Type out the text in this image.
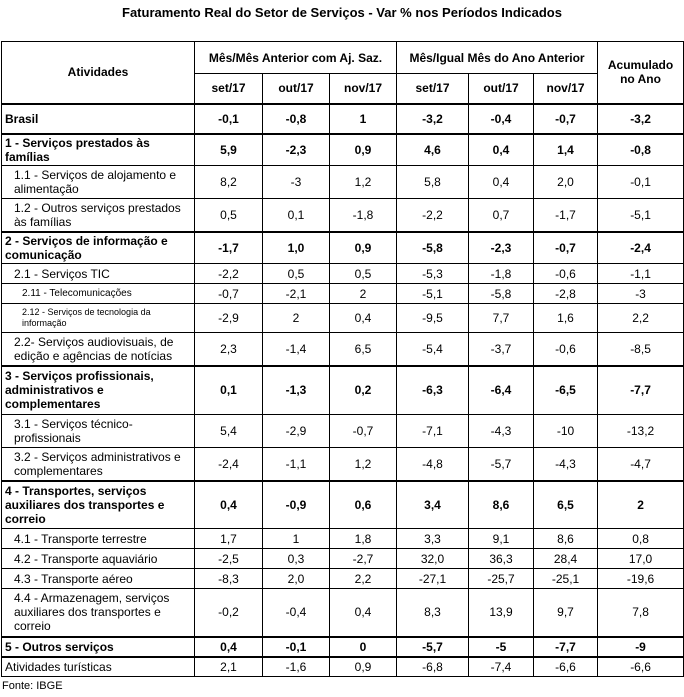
Faturamento Real do Setor de Serviços - Var % nos Períodos Indicados
Atividades	Mês/Mês Anterior com Aj. Saz.			Mês/Igual Mês do Ano Anterior			Acumulado no Ano
	set/17	out/17	nov/17	set/17	out/17	nov/17	
Brasil	-0,1	-0,8	1	-3,2	-0,4	-0,7	-3,2
1 - Serviços prestados às famílias	5,9	-2,3	0,9	4,6	0,4	1,4	-0,8
1.1 - Serviços de alojamento e alimentação	8,2	-3	1,2	5,8	0,4	2,0	-0,1
1.2 - Outros serviços prestados às famílias	0,5	0,1	-1,8	-2,2	0,7	-1,7	-5,1
2 - Serviços de informação e comunicação	-1,7	1,0	0,9	-5,8	-2,3	-0,7	-2,4
2.1 - Serviços TIC	-2,2	0,5	0,5	-5,3	-1,8	-0,6	-1,1
2.11 - Telecomunicações	-0,7	-2,1	2	-5,1	-5,8	-2,8	-3
2.12 - Serviços de tecnologia da informação	-2,9	2	0,4	-9,5	7,7	1,6	2,2
2.2- Serviços audiovisuais, de edição e agências de notícias	2,3	-1,4	6,5	-5,4	-3,7	-0,6	-8,5
3 - Serviços profissionais, administrativos e complementares	0,1	-1,3	0,2	-6,3	-6,4	-6,5	-7,7
3.1 - Serviços técnico-profissionais	5,4	-2,9	-0,7	-7,1	-4,3	-10	-13,2
3.2 - Serviços administrativos e complementares	-2,4	-1,1	1,2	-4,8	-5,7	-4,3	-4,7
4 - Transportes, serviços auxiliares dos transportes e correio	0,4	-0,9	0,6	3,4	8,6	6,5	2
4.1 - Transporte terrestre	1,7	1	1,8	3,3	9,1	8,6	0,8
4.2 - Transporte aquaviário	-2,5	0,3	-2,7	32,0	36,3	28,4	17,0
4.3 - Transporte aéreo	-8,3	2,0	2,2	-27,1	-25,7	-25,1	-19,6
4.4 - Armazenagem, serviços auxiliares dos transportes e correio	-0,2	-0,4	0,4	8,3	13,9	9,7	7,8
5 - Outros serviços	0,4	-0,1	0	-5,7	-5	-7,7	-9
Atividades turísticas	2,1	-1,6	0,9	-6,8	-7,4	-6,6	-6,6
Fonte: IBGE
